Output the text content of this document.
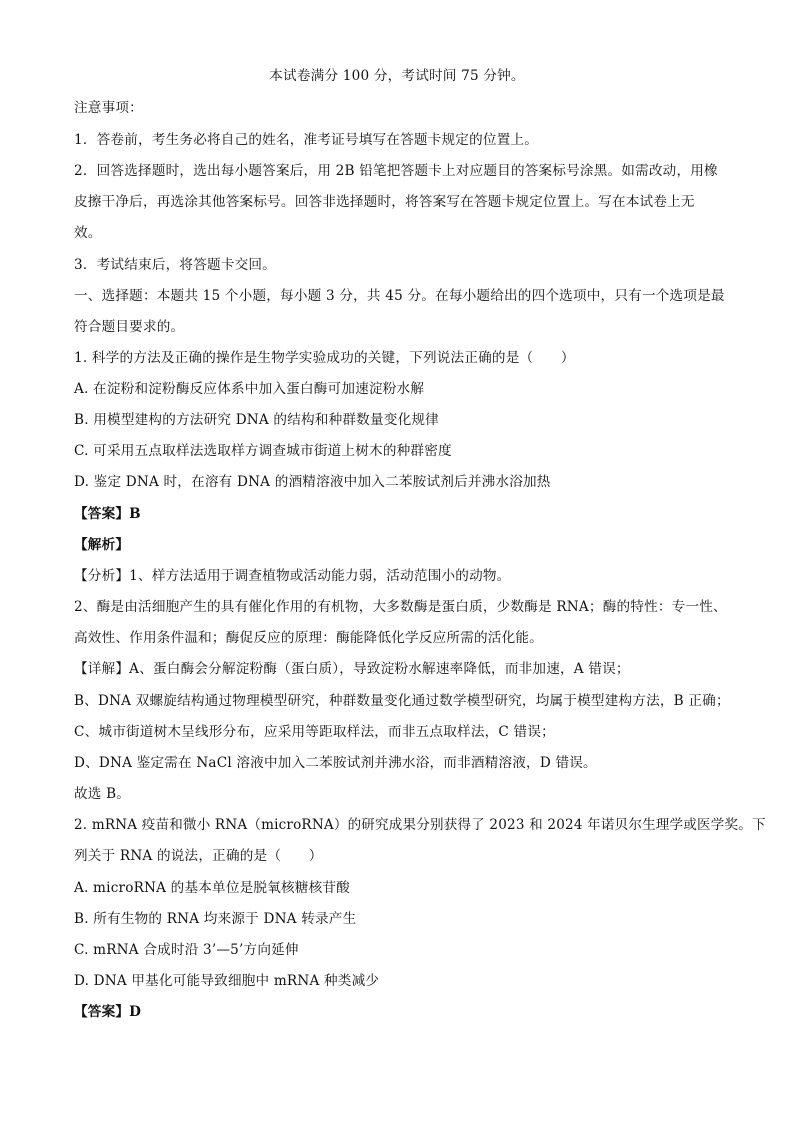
本试卷满分 100 分，考试时间 75 分钟。
注意事项：
1．答卷前，考生务必将自己的姓名，准考证号填写在答题卡规定的位置上。
2．回答选择题时，选出每小题答案后，用 2B 铅笔把答题卡上对应题目的答案标号涂黑。如需改动，用橡
皮擦干净后，再选涂其他答案标号。回答非选择题时，将答案写在答题卡规定位置上。写在本试卷上无
效。
3．考试结束后，将答题卡交回。
一、选择题：本题共 15 个小题，每小题 3 分，共 45 分。在每小题给出的四个选项中，只有一个选项是最
符合题目要求的。
1. 科学的方法及正确的操作是生物学实验成功的关键，下列说法正确的是（　　）
A. 在淀粉和淀粉酶反应体系中加入蛋白酶可加速淀粉水解
B. 用模型建构的方法研究 DNA 的结构和种群数量变化规律
C. 可采用五点取样法选取样方调查城市街道上树木的种群密度
D. 鉴定 DNA 时，在溶有 DNA 的酒精溶液中加入二苯胺试剂后并沸水浴加热
【答案】B
【解析】
【分析】1、样方法适用于调查植物或活动能力弱，活动范围小的动物。
2、酶是由活细胞产生的具有催化作用的有机物，大多数酶是蛋白质，少数酶是 RNA；酶的特性：专一性、
高效性、作用条件温和；酶促反应的原理：酶能降低化学反应所需的活化能。
【详解】A、蛋白酶会分解淀粉酶（蛋白质），导致淀粉水解速率降低，而非加速，A 错误；
B、DNA 双螺旋结构通过物理模型研究，种群数量变化通过数学模型研究，均属于模型建构方法，B 正确；
C、城市街道树木呈线形分布，应采用等距取样法，而非五点取样法，C 错误；
D、DNA 鉴定需在 NaCl 溶液中加入二苯胺试剂并沸水浴，而非酒精溶液，D 错误。
故选 B。
2. mRNA 疫苗和微小 RNA（microRNA）的研究成果分别获得了 2023 和 2024 年诺贝尔生理学或医学奖。下
列关于 RNA 的说法，正确的是（　　）
A. microRNA 的基本单位是脱氧核糖核苷酸
B. 所有生物的 RNA 均来源于 DNA 转录产生
C. mRNA 合成时沿 3’—5’方向延伸
D. DNA 甲基化可能导致细胞中 mRNA 种类减少
【答案】D
